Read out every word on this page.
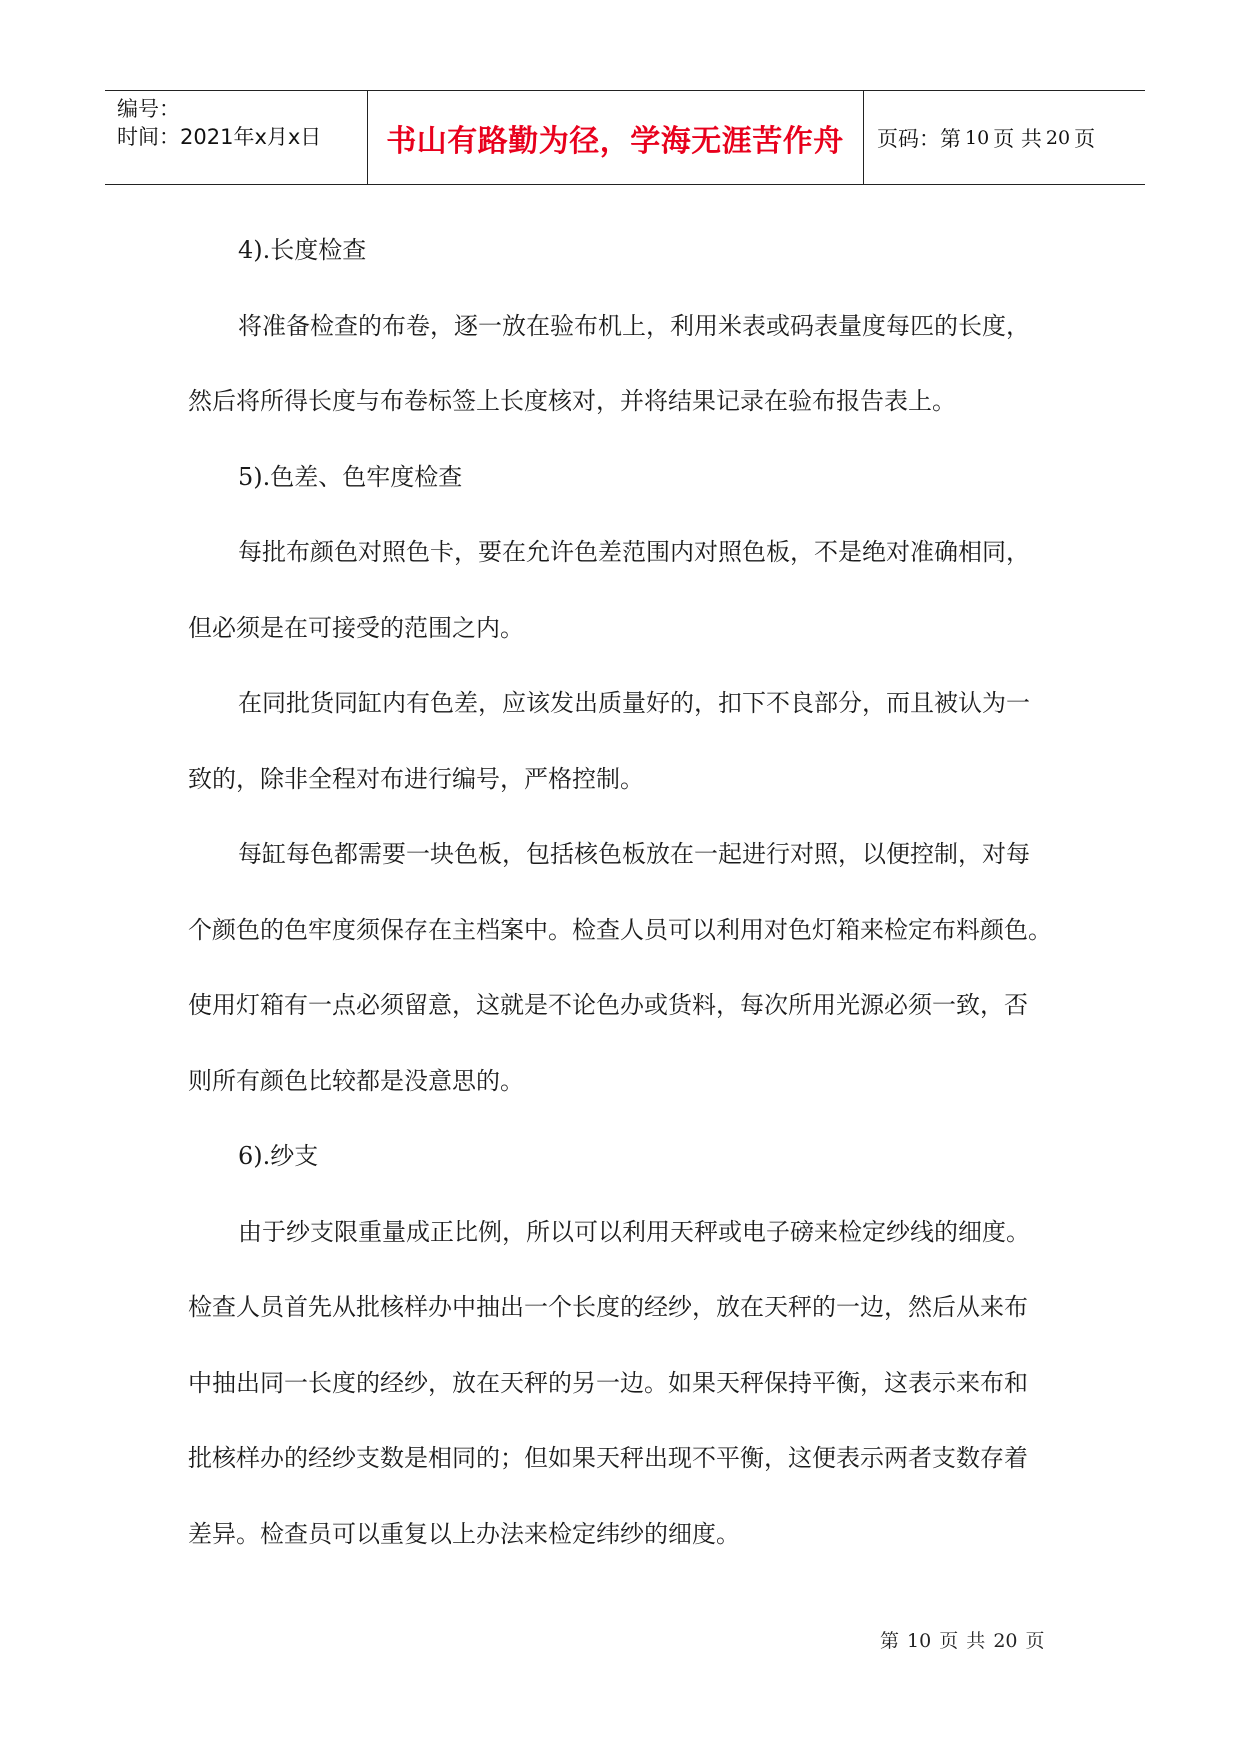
编号：
时间：2021年x月x日	书山有路勤为径，学海无涯苦作舟	页码：第 10 页 共 20 页

4).长度检查

将准备检查的布卷，逐一放在验布机上，利用米表或码表量度每匹的长度，

然后将所得长度与布卷标签上长度核对，并将结果记录在验布报告表上。

5).色差、色牢度检查

每批布颜色对照色卡，要在允许色差范围内对照色板，不是绝对准确相同，

但必须是在可接受的范围之内。

在同批货同缸内有色差，应该发出质量好的，扣下不良部分，而且被认为一

致的，除非全程对布进行编号，严格控制。

每缸每色都需要一块色板，包括核色板放在一起进行对照，以便控制，对每

个颜色的色牢度须保存在主档案中。检查人员可以利用对色灯箱来检定布料颜色。

使用灯箱有一点必须留意，这就是不论色办或货料，每次所用光源必须一致，否

则所有颜色比较都是没意思的。

6).纱支

由于纱支限重量成正比例，所以可以利用天秤或电子磅来检定纱线的细度。

检查人员首先从批核样办中抽出一个长度的经纱，放在天秤的一边，然后从来布

中抽出同一长度的经纱，放在天秤的另一边。如果天秤保持平衡，这表示来布和

批核样办的经纱支数是相同的；但如果天秤出现不平衡，这便表示两者支数存着

差异。检查员可以重复以上办法来检定纬纱的细度。

第 10 页 共 20 页
